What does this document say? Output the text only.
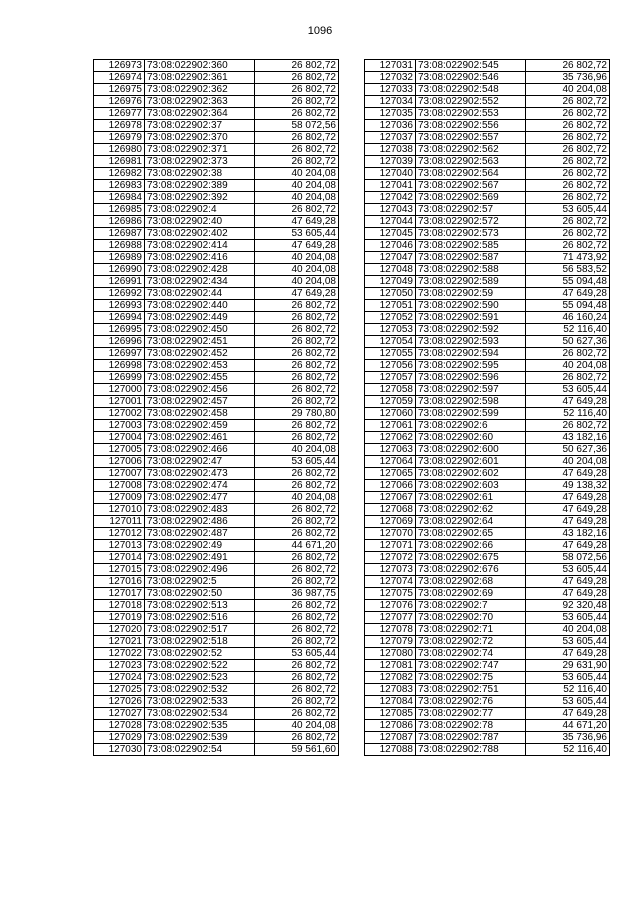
1096
126973	73:08:022902:360	26 802,72
126974	73:08:022902:361	26 802,72
126975	73:08:022902:362	26 802,72
126976	73:08:022902:363	26 802,72
126977	73:08:022902:364	26 802,72
126978	73:08:022902:37	58 072,56
126979	73:08:022902:370	26 802,72
126980	73:08:022902:371	26 802,72
126981	73:08:022902:373	26 802,72
126982	73:08:022902:38	40 204,08
126983	73:08:022902:389	40 204,08
126984	73:08:022902:392	40 204,08
126985	73:08:022902:4	26 802,72
126986	73:08:022902:40	47 649,28
126987	73:08:022902:402	53 605,44
126988	73:08:022902:414	47 649,28
126989	73:08:022902:416	40 204,08
126990	73:08:022902:428	40 204,08
126991	73:08:022902:434	40 204,08
126992	73:08:022902:44	47 649,28
126993	73:08:022902:440	26 802,72
126994	73:08:022902:449	26 802,72
126995	73:08:022902:450	26 802,72
126996	73:08:022902:451	26 802,72
126997	73:08:022902:452	26 802,72
126998	73:08:022902:453	26 802,72
126999	73:08:022902:455	26 802,72
127000	73:08:022902:456	26 802,72
127001	73:08:022902:457	26 802,72
127002	73:08:022902:458	29 780,80
127003	73:08:022902:459	26 802,72
127004	73:08:022902:461	26 802,72
127005	73:08:022902:466	40 204,08
127006	73:08:022902:47	53 605,44
127007	73:08:022902:473	26 802,72
127008	73:08:022902:474	26 802,72
127009	73:08:022902:477	40 204,08
127010	73:08:022902:483	26 802,72
127011	73:08:022902:486	26 802,72
127012	73:08:022902:487	26 802,72
127013	73:08:022902:49	44 671,20
127014	73:08:022902:491	26 802,72
127015	73:08:022902:496	26 802,72
127016	73:08:022902:5	26 802,72
127017	73:08:022902:50	36 987,75
127018	73:08:022902:513	26 802,72
127019	73:08:022902:516	26 802,72
127020	73:08:022902:517	26 802,72
127021	73:08:022902:518	26 802,72
127022	73:08:022902:52	53 605,44
127023	73:08:022902:522	26 802,72
127024	73:08:022902:523	26 802,72
127025	73:08:022902:532	26 802,72
127026	73:08:022902:533	26 802,72
127027	73:08:022902:534	26 802,72
127028	73:08:022902:535	40 204,08
127029	73:08:022902:539	26 802,72
127030	73:08:022902:54	59 561,60
127031	73:08:022902:545	26 802,72
127032	73:08:022902:546	35 736,96
127033	73:08:022902:548	40 204,08
127034	73:08:022902:552	26 802,72
127035	73:08:022902:553	26 802,72
127036	73:08:022902:556	26 802,72
127037	73:08:022902:557	26 802,72
127038	73:08:022902:562	26 802,72
127039	73:08:022902:563	26 802,72
127040	73:08:022902:564	26 802,72
127041	73:08:022902:567	26 802,72
127042	73:08:022902:569	26 802,72
127043	73:08:022902:57	53 605,44
127044	73:08:022902:572	26 802,72
127045	73:08:022902:573	26 802,72
127046	73:08:022902:585	26 802,72
127047	73:08:022902:587	71 473,92
127048	73:08:022902:588	56 583,52
127049	73:08:022902:589	55 094,48
127050	73:08:022902:59	47 649,28
127051	73:08:022902:590	55 094,48
127052	73:08:022902:591	46 160,24
127053	73:08:022902:592	52 116,40
127054	73:08:022902:593	50 627,36
127055	73:08:022902:594	26 802,72
127056	73:08:022902:595	40 204,08
127057	73:08:022902:596	26 802,72
127058	73:08:022902:597	53 605,44
127059	73:08:022902:598	47 649,28
127060	73:08:022902:599	52 116,40
127061	73:08:022902:6	26 802,72
127062	73:08:022902:60	43 182,16
127063	73:08:022902:600	50 627,36
127064	73:08:022902:601	40 204,08
127065	73:08:022902:602	47 649,28
127066	73:08:022902:603	49 138,32
127067	73:08:022902:61	47 649,28
127068	73:08:022902:62	47 649,28
127069	73:08:022902:64	47 649,28
127070	73:08:022902:65	43 182,16
127071	73:08:022902:66	47 649,28
127072	73:08:022902:675	58 072,56
127073	73:08:022902:676	53 605,44
127074	73:08:022902:68	47 649,28
127075	73:08:022902:69	47 649,28
127076	73:08:022902:7	92 320,48
127077	73:08:022902:70	53 605,44
127078	73:08:022902:71	40 204,08
127079	73:08:022902:72	53 605,44
127080	73:08:022902:74	47 649,28
127081	73:08:022902:747	29 631,90
127082	73:08:022902:75	53 605,44
127083	73:08:022902:751	52 116,40
127084	73:08:022902:76	53 605,44
127085	73:08:022902:77	47 649,28
127086	73:08:022902:78	44 671,20
127087	73:08:022902:787	35 736,96
127088	73:08:022902:788	52 116,40
